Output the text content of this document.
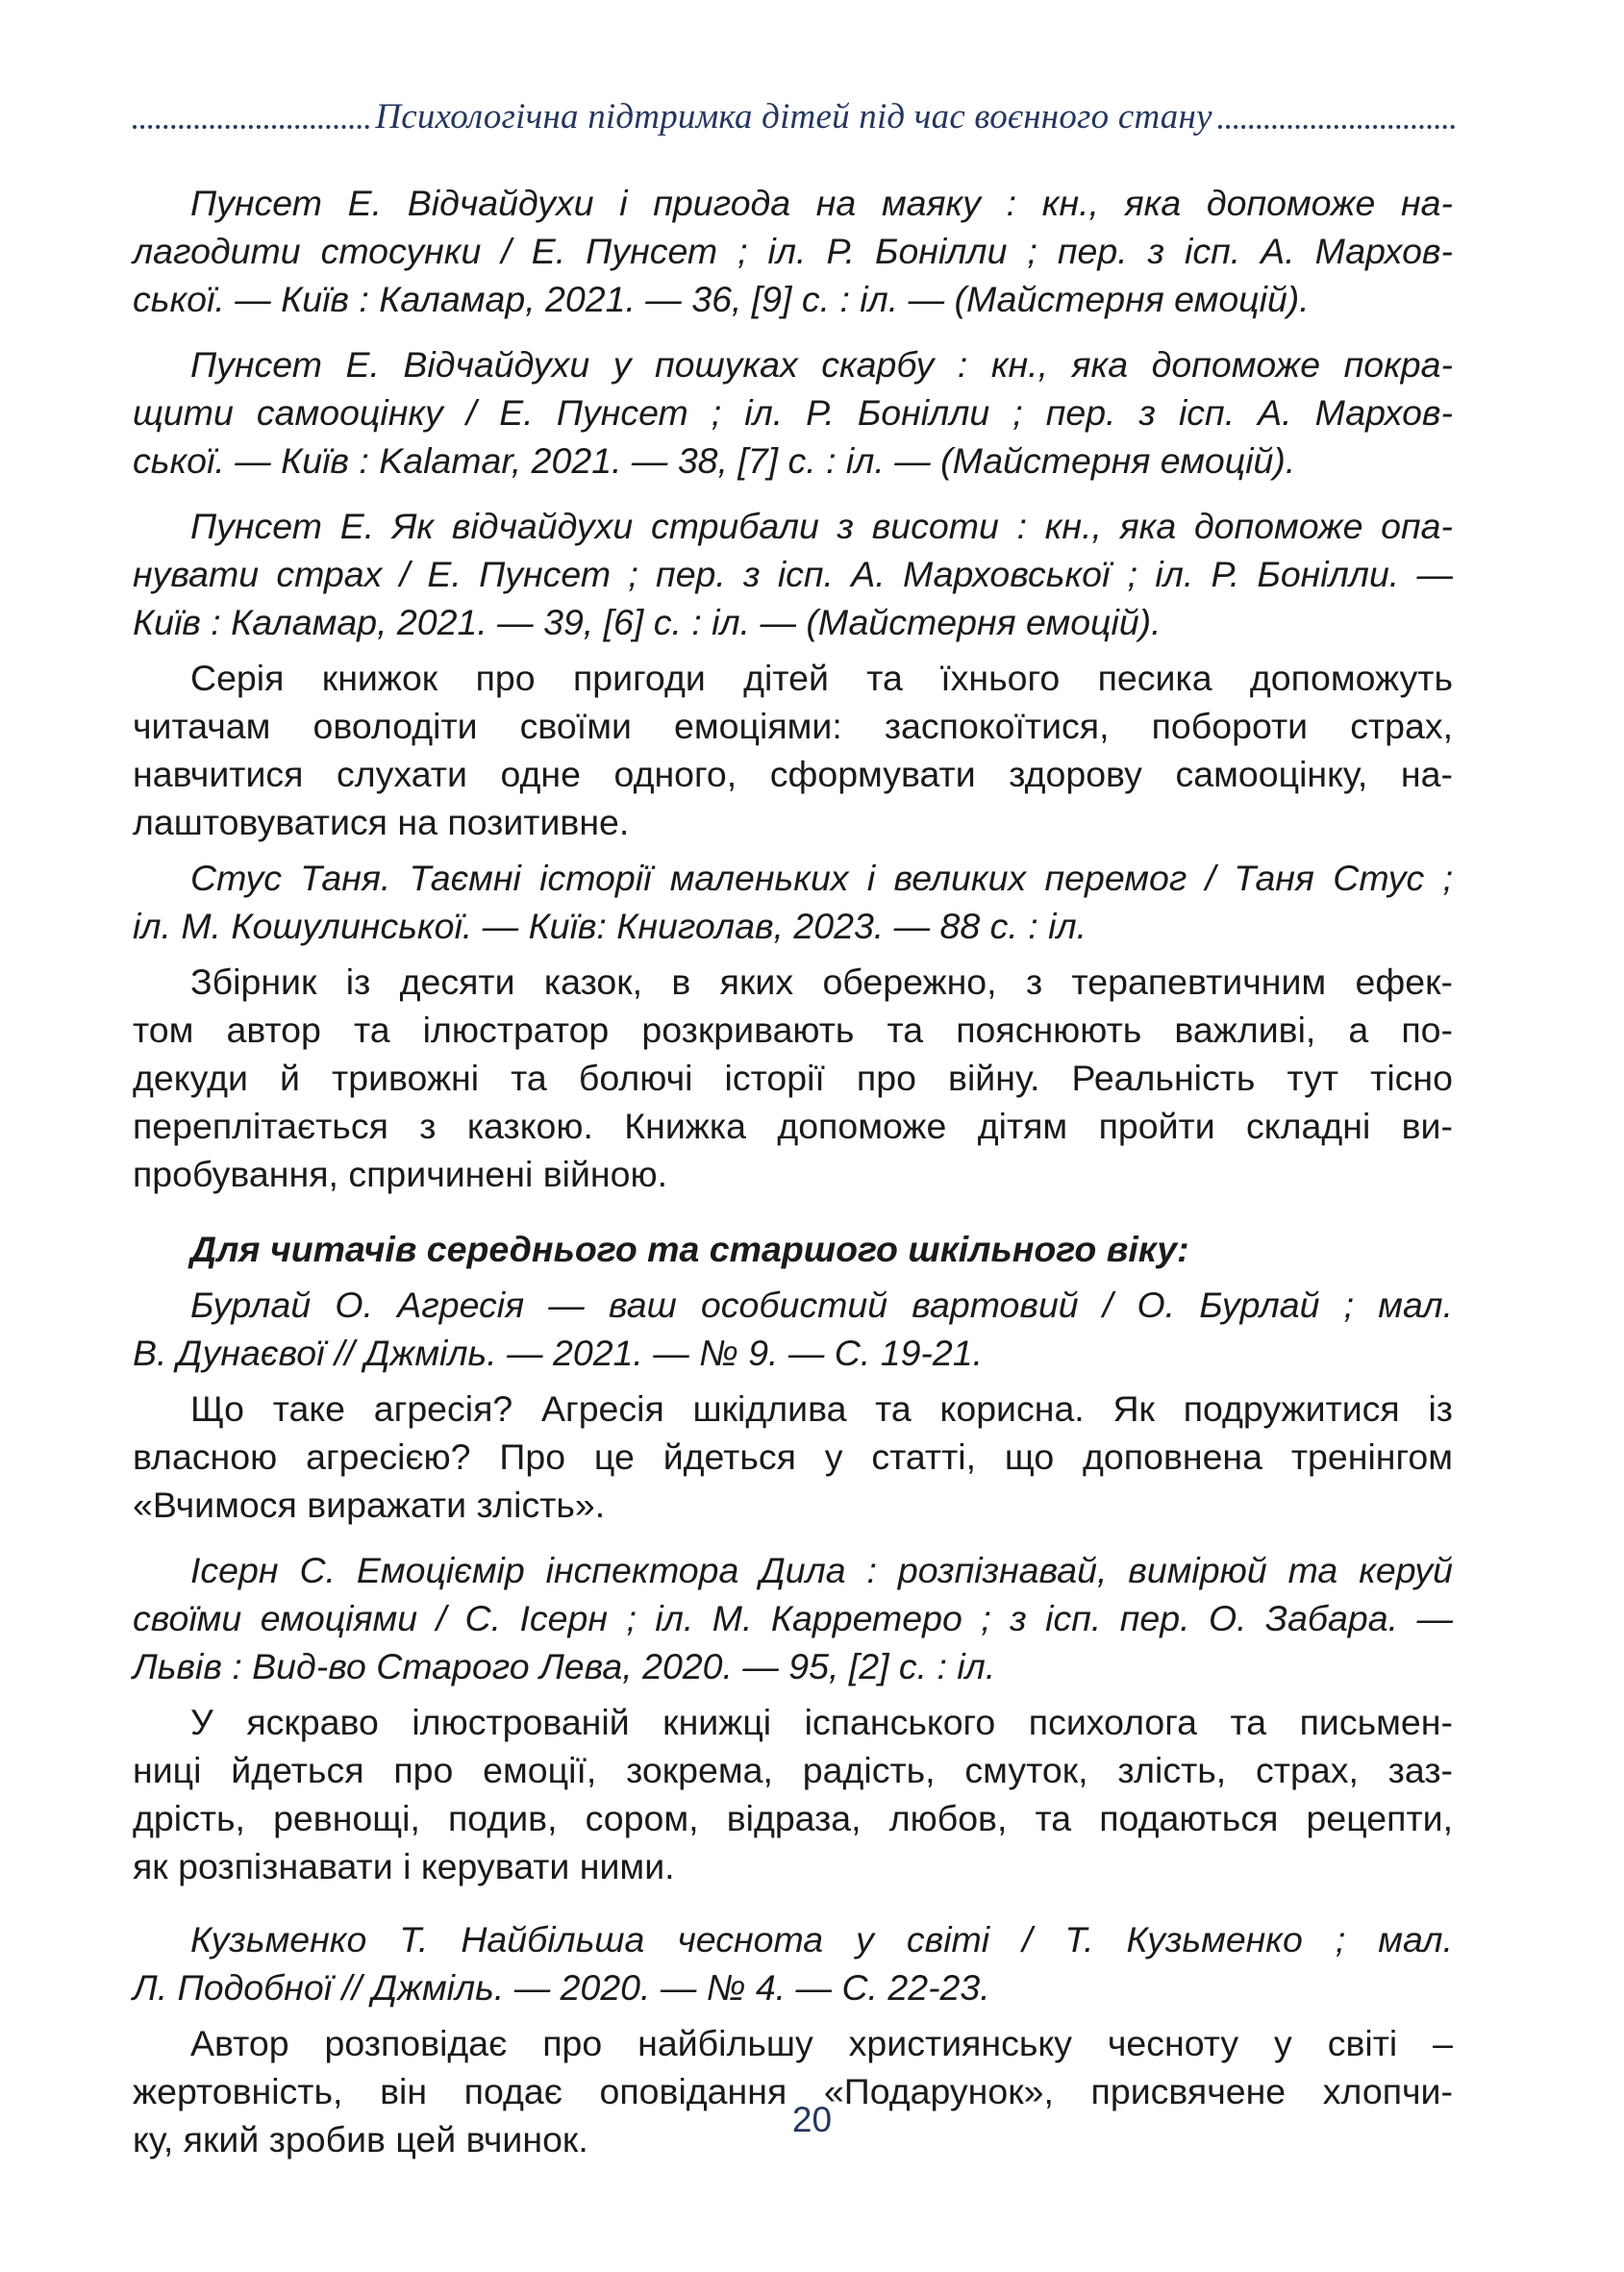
Психологічна підтримка дітей під час воєнного стану

Пунсет Е. Відчайдухи і пригода на маяку : кн., яка допоможе на-
лагодити стосунки / Е. Пунсет ; іл. Р. Бонілли ; пер. з ісп. А. Мархов-
ської. — Київ : Каламар, 2021. — 36, [9] с. : іл. — (Майстерня емоцій).

Пунсет Е. Відчайдухи у пошуках скарбу : кн., яка допоможе покра-
щити самооцінку / Е. Пунсет ; іл. Р. Бонілли ; пер. з ісп. А. Мархов-
ської. — Київ : Kalamar, 2021. — 38, [7] с. : іл. — (Майстерня емоцій).

Пунсет Е. Як відчайдухи стрибали з висоти : кн., яка допоможе опа-
нувати страх / Е. Пунсет ; пер. з ісп. А. Марховської ; іл. Р. Бонілли. —
Київ : Каламар, 2021. — 39, [6] с. : іл. — (Майстерня емоцій).

Серія книжок про пригоди дітей та їхнього песика допоможуть
читачам оволодіти своїми емоціями: заспокоїтися, побороти страх,
навчитися слухати одне одного, сформувати здорову самооцінку, на-
лаштовуватися на позитивне.

Стус Таня. Таємні історії маленьких і великих перемог / Таня Стус ;
іл. М. Кошулинської. — Київ: Книголав, 2023. — 88 с. : іл.

Збірник із десяти казок, в яких обережно, з терапевтичним ефек-
том автор та ілюстратор розкривають та пояснюють важливі, а по-
декуди й тривожні та болючі історії про війну. Реальність тут тісно
переплітається з казкою. Книжка допоможе дітям пройти складні ви-
пробування, спричинені війною.

Для читачів середнього та старшого шкільного віку:

Бурлай О. Агресія — ваш особистий вартовий / О. Бурлай ; мал.
В. Дунаєвої // Джміль. — 2021. — № 9. — С. 19-21.

Що таке агресія? Агресія шкідлива та корисна. Як подружитися із
власною агресією? Про це йдеться у статті, що доповнена тренінгом
«Вчимося виражати злість».

Ісерн С. Емоціємір інспектора Дила : розпізнавай, вимірюй та керуй
своїми емоціями / С. Ісерн ; іл. М. Карретеро ; з ісп. пер. О. Забара. —
Львів : Вид-во Старого Лева, 2020. — 95, [2] с. : іл.

У яскраво ілюстрованій книжці іспанського психолога та письмен-
ниці йдеться про емоції, зокрема, радість, смуток, злість, страх, заз-
дрість, ревнощі, подив, сором, відраза, любов, та подаються рецепти,
як розпізнавати і керувати ними.

Кузьменко Т. Найбільша чеснота у світі / Т. Кузьменко ; мал.
Л. Подобної // Джміль. — 2020. — № 4. — С. 22-23.

Автор розповідає про найбільшу християнську чесноту у світі –
жертовність, він подає оповідання «Подарунок», присвячене хлопчи-
ку, який зробив цей вчинок.	20
